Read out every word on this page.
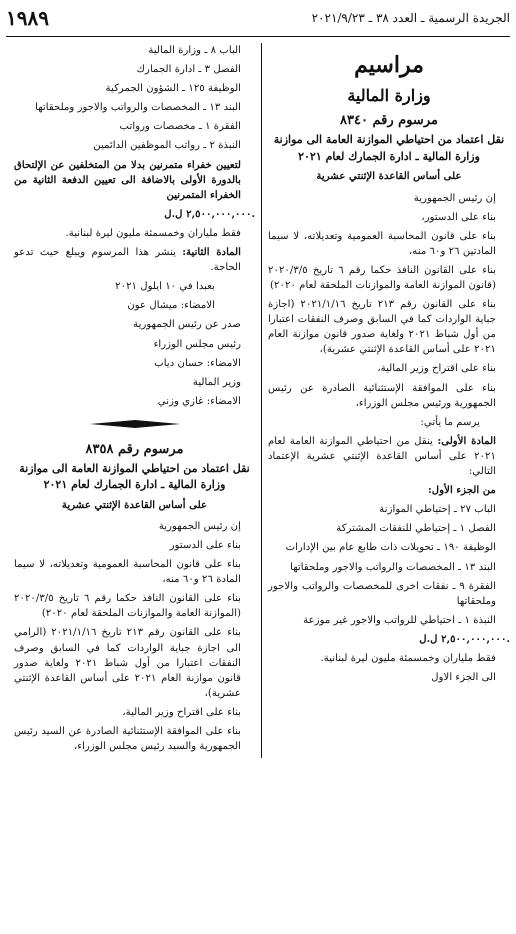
الجريدة الرسمية ـ العدد ٣٨ ـ ٢٠٢١/٩/٢٣
١٩٨٩
مراسيم
وزارة المالية
مرسوم رقم ٨٣٤٠
نقل اعتماد من احتياطي الموازنة العامة الى موازنة وزارة المالية ـ ادارة الجمارك لعام ٢٠٢١
على أساس القاعدة الإثنتي عشرية

إن رئيس الجمهورية

بناء على الدستور،

بناء على قانون المحاسبة العمومية وتعديلاته، لا سيما المادتين ٢٦ و٦٠ منه،

بناء على القانون النافذ حكما رقم ٦ تاريخ ٢٠٢٠/٣/٥ (قانون الموازنة العامة والموازنات الملحقة لعام ٢٠٢٠)

بناء على القانون رقم ٢١٣ تاريخ ٢٠٢١/١/١٦ (اجازة جباية الواردات كما في السابق وصرف النفقات اعتبارا من أول شباط ٢٠٢١ ولغاية صدور قانون موازنة العام ٢٠٢١ على أساس القاعدة الإثنتي عشرية)،

بناء على اقتراح وزير المالية،

بناء على الموافقة الإستثنائية الصادرة عن رئيس الجمهورية ورئيس مجلس الوزراء،

يرسم ما يأتي:

المادة الأولى: ينقل من احتياطي الموازنة العامة لعام ٢٠٢١ على أساس القاعدة الإثنتي عشرية الإعتماد التالي:

من الجزء الأول:

الباب ٢٧ ـ إحتياطي الموازنة

الفصل ١ ـ إحتياطي للنفقات المشتركة

الوظيفة ١٩٠ ـ تحويلات ذات طابع عام بين الإدارات

البند ١٣ ـ المخصصات والرواتب والاجور وملحقاتها

الفقرة ٩ ـ نفقات اخرى للمخصصات والرواتب والاجور وملحقاتها

النبذة ١ ـ احتياطي للرواتب والاجور غير موزعة

٢,٥٠٠,٠٠٠,٠٠٠ ل.ل.

فقط ملياران وخمسمئة مليون ليرة لبنانية.

الى الجزء الاول

الباب ٨ ـ وزارة المالية

الفصل ٣ ـ ادارة الجمارك

الوظيفة ١٢٥ ـ الشؤون الجمركية

البند ١٣ ـ المخصصات والرواتب والاجور وملحقاتها

الفقرة ١ ـ مخصصات ورواتب

النبذة ٢ ـ رواتب الموظفين الدائمين

لتعيين خفراء متمرنين بدلا من المتخلفين عن الإلتحاق بالدورة الأولى بالاضافة الى تعيين الدفعة الثانية من الخفراء المتمرنين

٢,٥٠٠,٠٠٠,٠٠٠ ل.ل.

فقط ملياران وخمسمئة مليون ليرة لبنانية.

المادة الثانية: ينشر هذا المرسوم ويبلغ حيث تدعو الحاجة.

بعبدا في ١٠ ايلول ٢٠٢١

الامضاء: ميشال عون

صدر عن رئيس الجمهورية

رئيس مجلس الوزراء

الامضاء: حسان دياب

وزير المالية

الامضاء: غازي وزني

مرسوم رقم ٨٣٥٨
نقل اعتماد من احتياطي الموازنة العامة الى موازنة وزارة المالية ـ ادارة الجمارك لعام ٢٠٢١
على أساس القاعدة الإثنتي عشرية

إن رئيس الجمهورية

بناء على الدستور

بناء على قانون المحاسبة العمومية وتعديلاته، لا سيما المادة ٢٦ و٦٠ منه،

بناء على القانون النافذ حكما رقم ٦ تاريخ ٢٠٢٠/٣/٥ (الموازنة العامة والموازنات الملحقة لعام ٢٠٢٠)

بناء على القانون رقم ٢١٣ تاريخ ٢٠٢١/١/١٦ (الرامي الى اجازة جباية الواردات كما في السابق وصرف النفقات اعتبارا من أول شباط ٢٠٢١ ولغاية صدور قانون موازنة العام ٢٠٢١ على أساس القاعدة الإثنتي عشرية)،

بناء على اقتراح وزير المالية،

بناء على الموافقة الإستثنائية الصادرة عن السيد رئيس الجمهورية والسيد رئيس مجلس الوزراء،
